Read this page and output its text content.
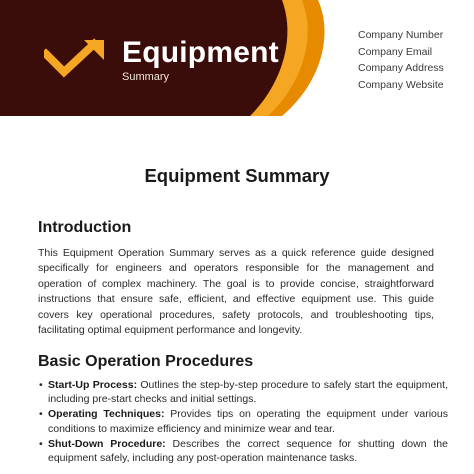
Equipment
Summary
Company Number
Company Email
Company Address
Company Website
Equipment Summary
Introduction
This Equipment Operation Summary serves as a quick reference guide designed specifically for engineers and operators responsible for the management and operation of complex machinery. The goal is to provide concise, straightforward instructions that ensure safe, efficient, and effective equipment use. This guide covers key operational procedures, safety protocols, and troubleshooting tips, facilitating optimal equipment performance and longevity.
Basic Operation Procedures
• Start-Up Process: Outlines the step-by-step procedure to safely start the equipment, including pre-start checks and initial settings.
• Operating Techniques: Provides tips on operating the equipment under various conditions to maximize efficiency and minimize wear and tear.
• Shut-Down Procedure: Describes the correct sequence for shutting down the equipment safely, including any post-operation maintenance tasks.
